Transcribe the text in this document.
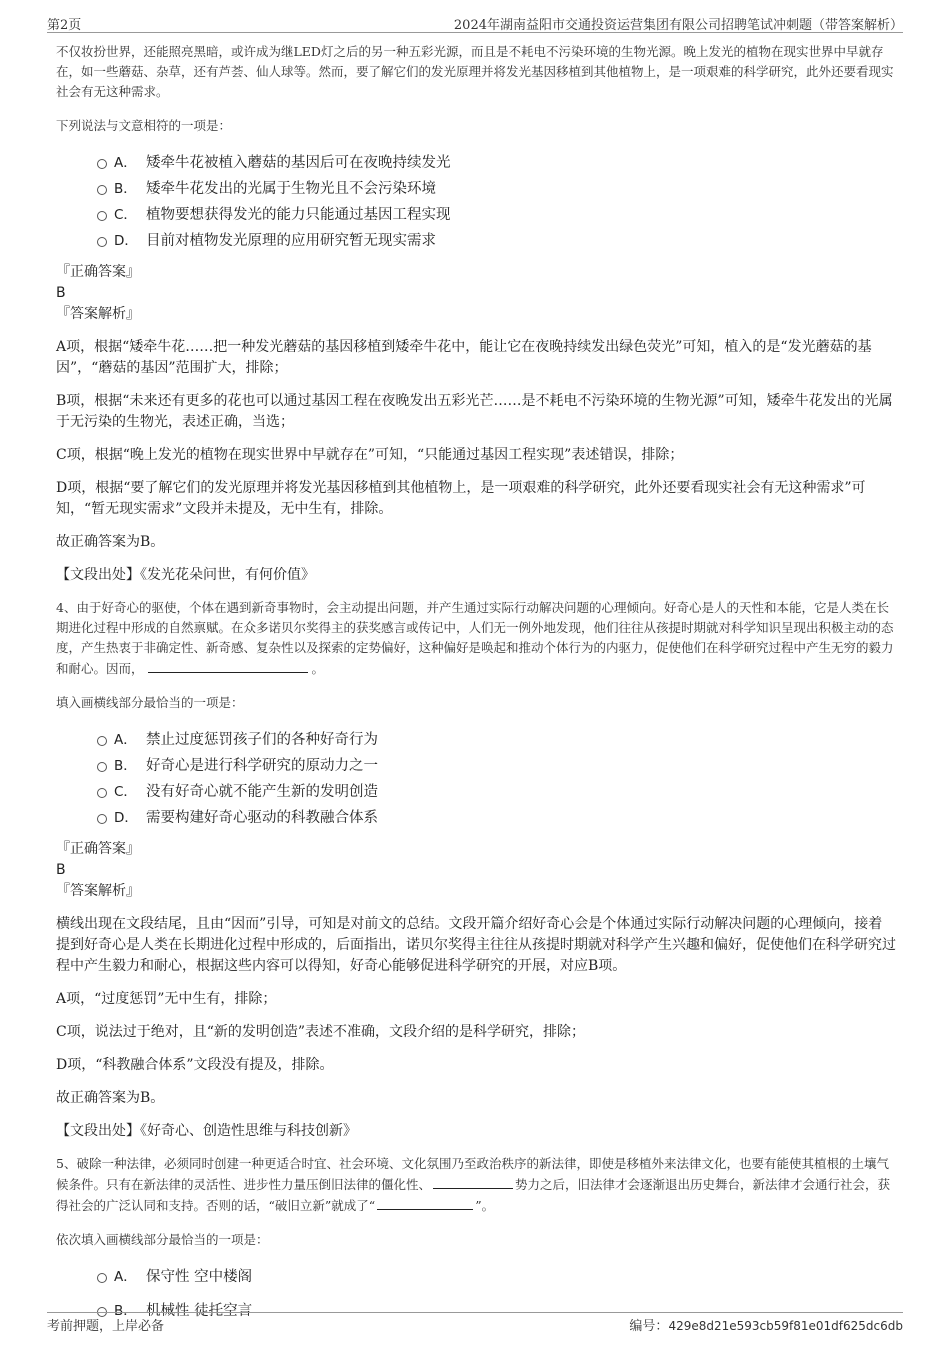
第2页	2024年湖南益阳市交通投资运营集团有限公司招聘笔试冲刺题（带答案解析）

不仅妆扮世界，还能照亮黑暗，或许成为继LED灯之后的另一种五彩光源，而且是不耗电不污染环境的生物光源。晚上发光的植物在现实世界中早就存在，如一些蘑菇、杂草，还有芦荟、仙人球等。然而，要了解它们的发光原理并将发光基因移植到其他植物上，是一项艰难的科学研究，此外还要看现实社会有无这种需求。

下列说法与文意相符的一项是：

A． 矮牵牛花被植入蘑菇的基因后可在夜晚持续发光
B． 矮牵牛花发出的光属于生物光且不会污染环境
C． 植物要想获得发光的能力只能通过基因工程实现
D． 目前对植物发光原理的应用研究暂无现实需求

『正确答案』

B

『答案解析』

A项，根据“矮牵牛花……把一种发光蘑菇的基因移植到矮牵牛花中，能让它在夜晚持续发出绿色荧光”可知，植入的是“发光蘑菇的基因”，“蘑菇的基因”范围扩大，排除；

B项，根据“未来还有更多的花也可以通过基因工程在夜晚发出五彩光芒……是不耗电不污染环境的生物光源”可知，矮牵牛花发出的光属于无污染的生物光，表述正确，当选；

C项，根据“晚上发光的植物在现实世界中早就存在”可知，“只能通过基因工程实现”表述错误，排除；

D项，根据“要了解它们的发光原理并将发光基因移植到其他植物上，是一项艰难的科学研究，此外还要看现实社会有无这种需求”可知，“暂无现实需求”文段并未提及，无中生有，排除。

故正确答案为B。

【文段出处】《发光花朵问世，有何价值》

4、由于好奇心的驱使，个体在遇到新奇事物时，会主动提出问题，并产生通过实际行动解决问题的心理倾向。好奇心是人的天性和本能，它是人类在长期进化过程中形成的自然禀赋。在众多诺贝尔奖得主的获奖感言或传记中，人们无一例外地发现，他们往往从孩提时期就对科学知识呈现出积极主动的态度，产生热衷于非确定性、新奇感、复杂性以及探索的定势偏好，这种偏好是唤起和推动个体行为的内驱力，促使他们在科学研究过程中产生无穷的毅力和耐心。因而，	。

填入画横线部分最恰当的一项是：

A． 禁止过度惩罚孩子们的各种好奇行为
B． 好奇心是进行科学研究的原动力之一
C． 没有好奇心就不能产生新的发明创造
D． 需要构建好奇心驱动的科教融合体系

『正确答案』

B

『答案解析』

横线出现在文段结尾，且由“因而”引导，可知是对前文的总结。文段开篇介绍好奇心会是个体通过实际行动解决问题的心理倾向，接着提到好奇心是人类在长期进化过程中形成的，后面指出，诺贝尔奖得主往往从孩提时期就对科学产生兴趣和偏好，促使他们在科学研究过程中产生毅力和耐心，根据这些内容可以得知，好奇心能够促进科学研究的开展，对应B项。

A项，“过度惩罚”无中生有，排除；

C项，说法过于绝对，且“新的发明创造”表述不准确，文段介绍的是科学研究，排除；

D项，“科教融合体系”文段没有提及，排除。

故正确答案为B。

【文段出处】《好奇心、创造性思维与科技创新》

5、破除一种法律，必须同时创建一种更适合时宜、社会环境、文化氛围乃至政治秩序的新法律，即使是移植外来法律文化，也要有能使其植根的土壤气候条件。只有在新法律的灵活性、进步性力量压倒旧法律的僵化性、	势力之后，旧法律才会逐渐退出历史舞台，新法律才会通行社会，获得社会的广泛认同和支持。否则的话，“破旧立新”就成了“	”。

依次填入画横线部分最恰当的一项是：

A． 保守性 空中楼阁
B． 机械性 徒托空言
考前押题，上岸必备	编号：429e8d21e593cb59f81e01df625dc6db
